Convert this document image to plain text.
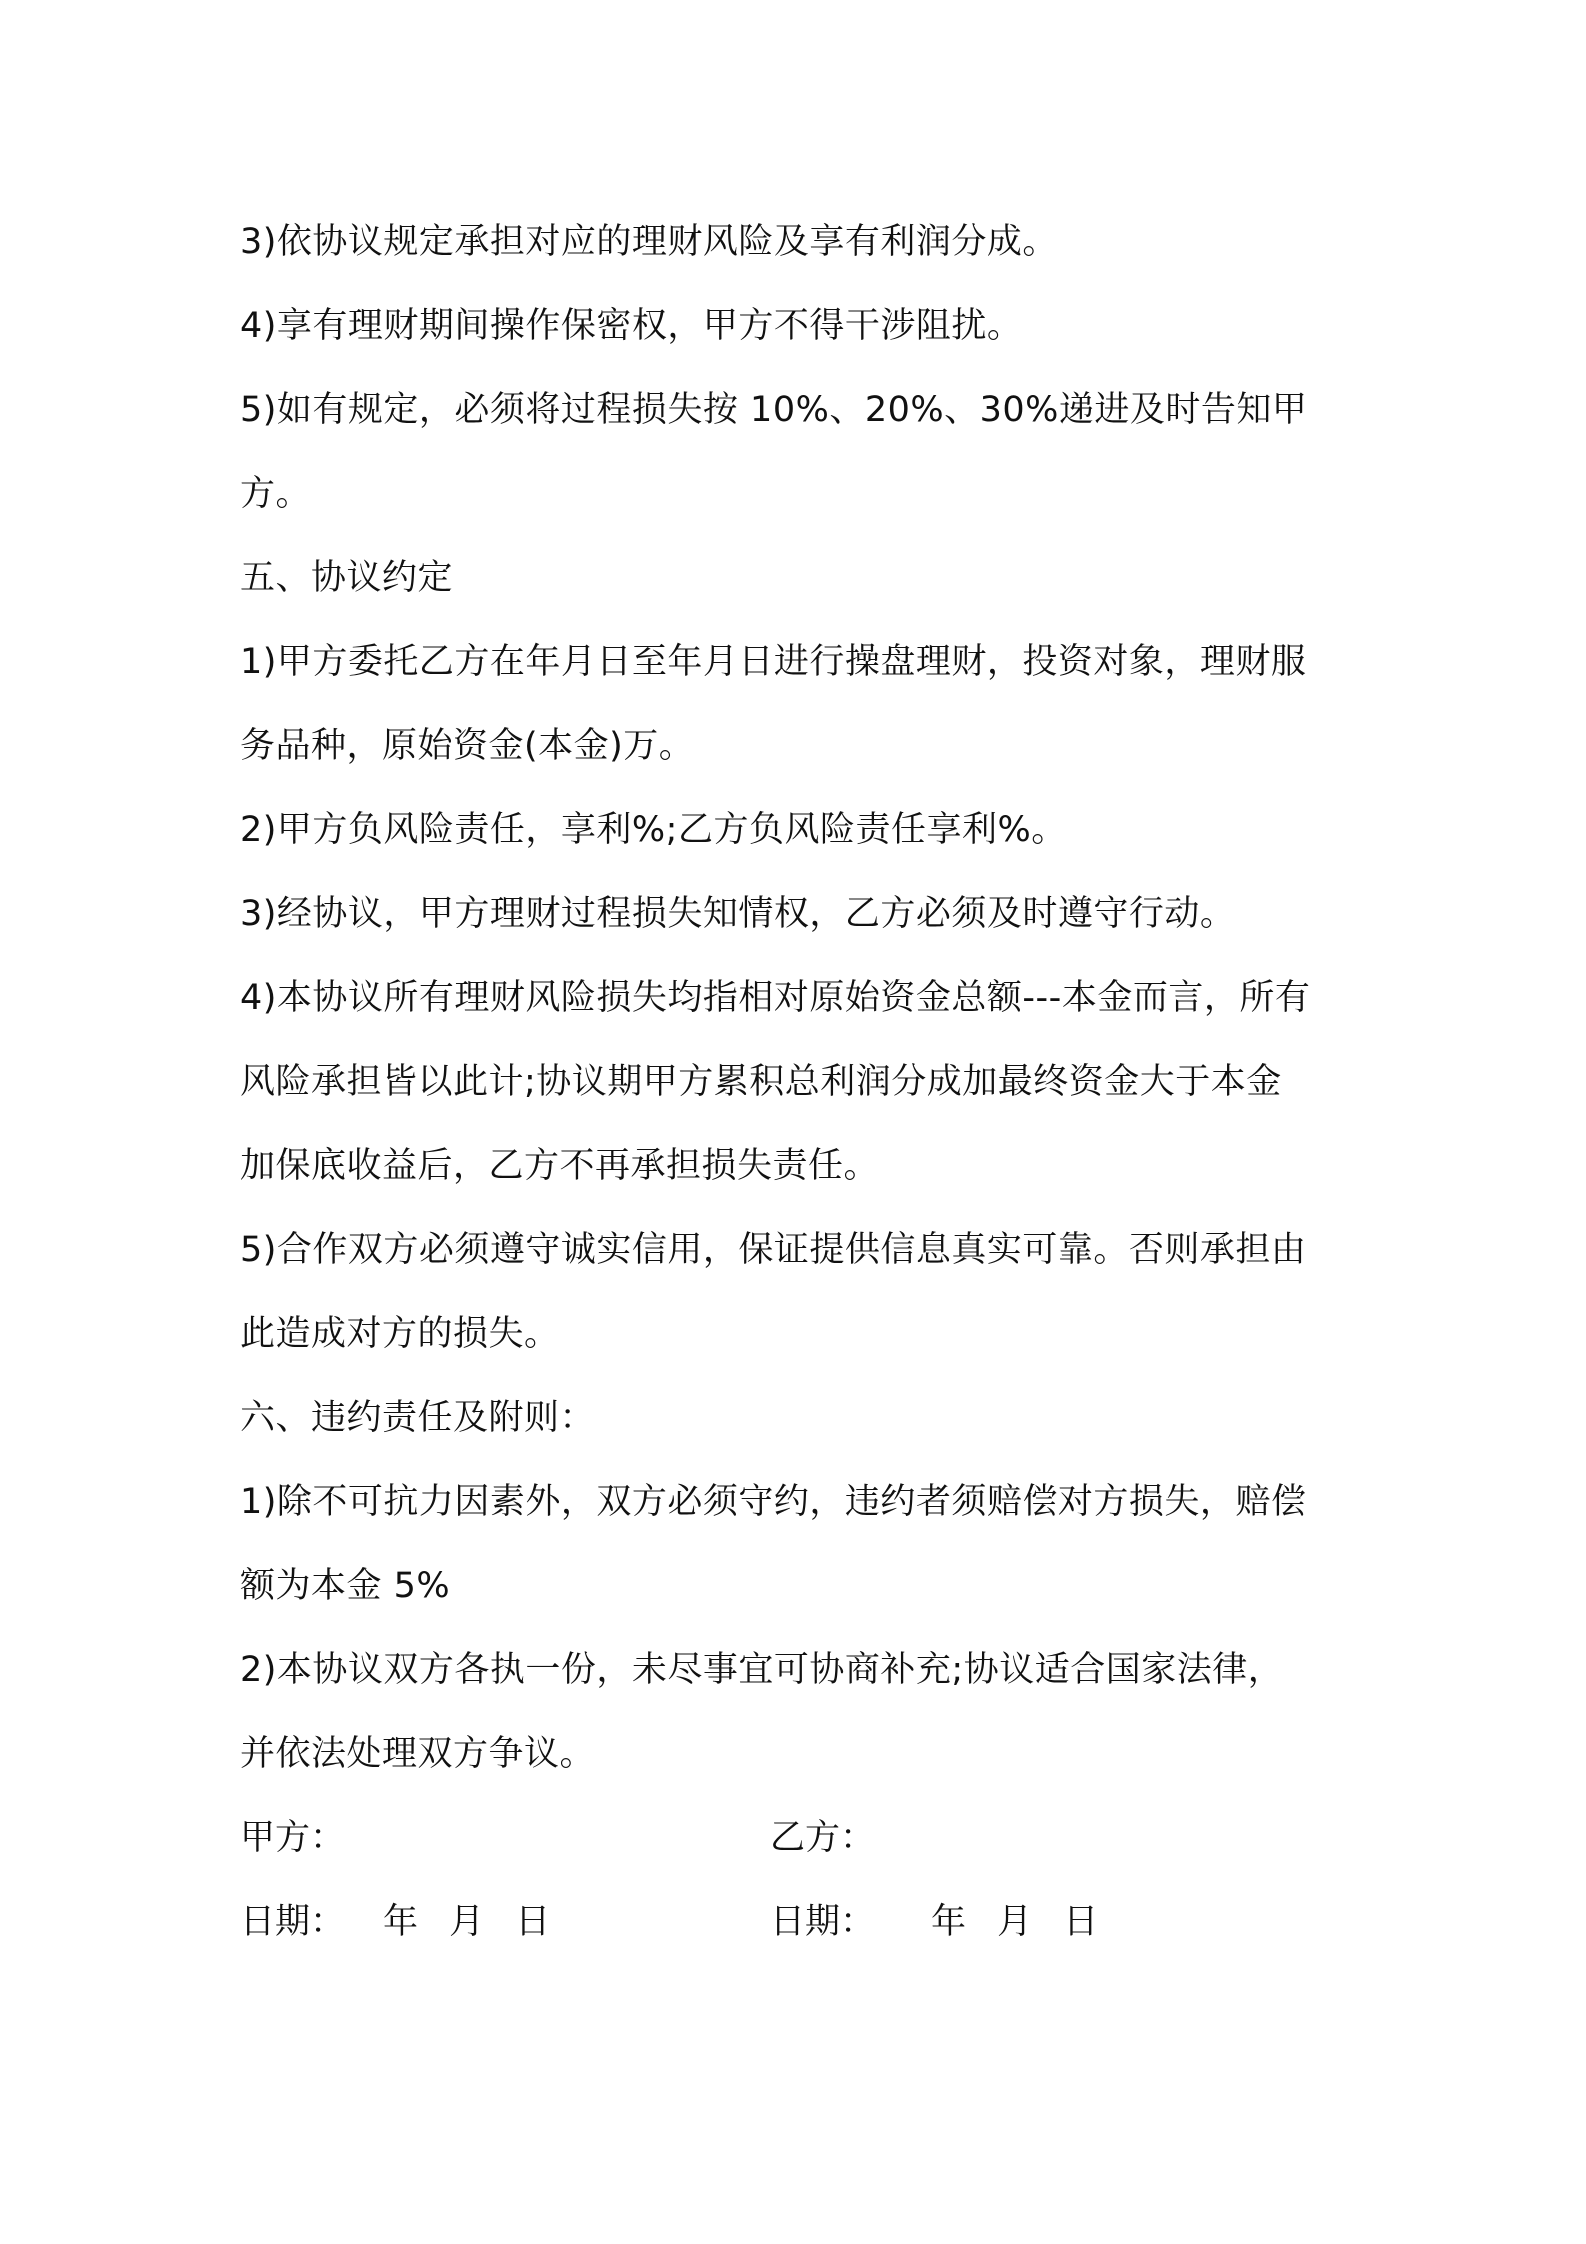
3)依协议规定承担对应的理财风险及享有利润分成。
4)享有理财期间操作保密权，甲方不得干涉阻扰。
5)如有规定，必须将过程损失按 10%、20%、30%递进及时告知甲
方。
五、协议约定
1)甲方委托乙方在年月日至年月日进行操盘理财，投资对象，理财服
务品种，原始资金(本金)万。
2)甲方负风险责任，享利%;乙方负风险责任享利%。
3)经协议，甲方理财过程损失知情权，乙方必须及时遵守行动。
4)本协议所有理财风险损失均指相对原始资金总额---本金而言，所有
风险承担皆以此计;协议期甲方累积总利润分成加最终资金大于本金
加保底收益后，乙方不再承担损失责任。
5)合作双方必须遵守诚实信用，保证提供信息真实可靠。否则承担由
此造成对方的损失。
六、违约责任及附则：
1)除不可抗力因素外，双方必须守约，违约者须赔偿对方损失，赔偿
额为本金 5%
2)本协议双方各执一份，未尽事宜可协商补充;协议适合国家法律，
并依法处理双方争议。
甲方：	乙方：
日期： 年 月 日	日期： 年 月 日
